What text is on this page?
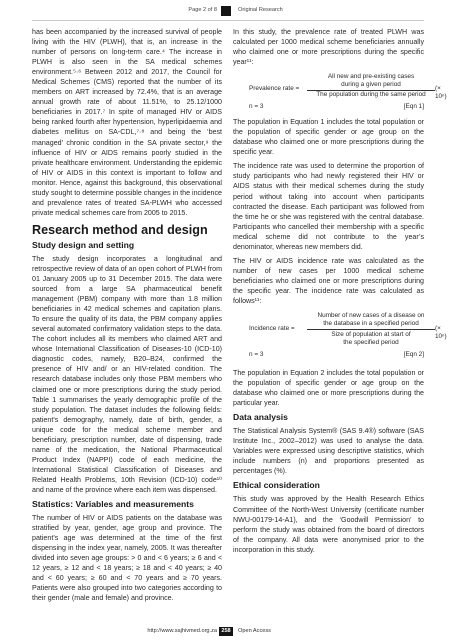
Page 2 of 8	Original Research

has been accompanied by the increased survival of people living with the HIV (PLWH), that is, an increase in the number of persons on long-term care.⁴ The increase in PLWH is also seen in the SA medical schemes environment.⁵·⁶ Between 2012 and 2017, the Council for Medical Schemes (CMS) reported that the number of its members on ART increased by 72.4%, that is an average annual growth rate of about 11.51%, to 25.12/1000 beneficiaries in 2017.⁷ In spite of managed HIV or AIDS being ranked fourth after hypertension, hyperlipidaemia and diabetes mellitus on SA-CDL,⁷·⁸ and being the ‘best managed’ chronic condition in the SA private sector,⁹ the influence of HIV or AIDS remains poorly studied in the private healthcare environment. Understanding the epidemic of HIV or AIDS in this context is important to follow and monitor. Hence, against this background, this observational study sought to determine possible changes in the incidence and prevalence rates of treated SA-PLWH who accessed private medical schemes care from 2005 to 2015.

Research method and design
Study design and setting

The study design incorporates a longitudinal and retrospective review of data of an open cohort of PLWH from 01 January 2005 up to 31 December 2015. The data were sourced from a large SA pharmaceutical benefit management (PBM) company with more than 1.8 million beneficiaries in 42 medical schemes and capitation plans. To ensure the quality of its data, the PBM company applies several automated confirmatory validation steps to the data. The cohort includes all its members who claimed ART and whose International Classification of Diseases-10 (ICD-10) diagnostic codes, namely, B20–B24, confirmed the presence of HIV and/ or an HIV-related condition. The research database includes only those PBM members who claimed one or more prescriptions during the study period. Table 1 summarises the yearly demographic profile of the study population. The dataset includes the following fields: patient’s demography, namely, date of birth, gender, a unique code for the medical scheme member and beneficiary, prescription number, date of dispensing, trade name of the medication, the National Pharmaceutical Product Index (NAPPI) code of each medicine, the International Statistical Classification of Diseases and Related Health Problems, 10th Revision (ICD-10) code¹⁰ and name of the province where each item was dispensed.

Statistics: Variables and measurements

The number of HIV or AIDS patients on the database was stratified by year, gender, age group and province. The patient’s age was determined at the time of the first dispensing in the index year, namely, 2005. It was thereafter divided into seven age groups: > 0 and < 6 years; ≥ 6 and < 12 years, ≥ 12 and < 18 years; ≥ 18 and < 40 years; ≥ 40 and < 60 years; ≥ 60 and < 70 years and ≥ 70 years. Patients were also grouped into two categories according to their gender (male and female) and province.

In this study, the prevalence rate of treated PLWH was calculated per 1000 medical scheme beneficiaries annually who claimed one or more prescriptions during the specific year¹¹:

All new and pre-existing cases
during a given period
Prevalence rate =	(× 10ⁿ)
The population during the same period
n = 3	[Eqn 1]

The population in Equation 1 includes the total population or the population of specific gender or age group on the database who claimed one or more prescriptions during the specific year.

The incidence rate was used to determine the proportion of study participants who had newly registered their HIV or AIDS status with their medical schemes during the study period without taking into account when participants contracted the disease. Each participant was followed from the time he or she was registered with the central database. Participants who cancelled their membership with a specific medical scheme did not contribute to the year’s denominator, whereas new members did.

The HIV or AIDS incidence rate was calculated as the number of new cases per 1000 medical scheme beneficiaries who claimed one or more prescriptions during the specific year. The incidence rate was calculated as follows¹¹:

Number of new cases of a disease on
the database in a specified period
Incidence rate =	(× 10ⁿ)
Size of population at start of
the specified period
n = 3	[Eqn 2]

The population in Equation 2 includes the total population or the population of specific gender or age group on the database who claimed one or more prescriptions during the particular year.

Data analysis

The Statistical Analysis System® (SAS 9.4®) software (SAS Institute Inc., 2002–2012) was used to analyse the data. Variables were expressed using descriptive statistics, which include numbers (n) and proportions presented as percentages (%).

Ethical consideration

This study was approved by the Health Research Ethics Committee of the North-West University (certificate number NWU-00179-14-A1), and the ‘Goodwill Permission’ to perform the study was obtained from the board of directors of the company. All data were anonymised prior to the incorporation in this study.

http://www.sajhivmed.org.za 258	Open Access
